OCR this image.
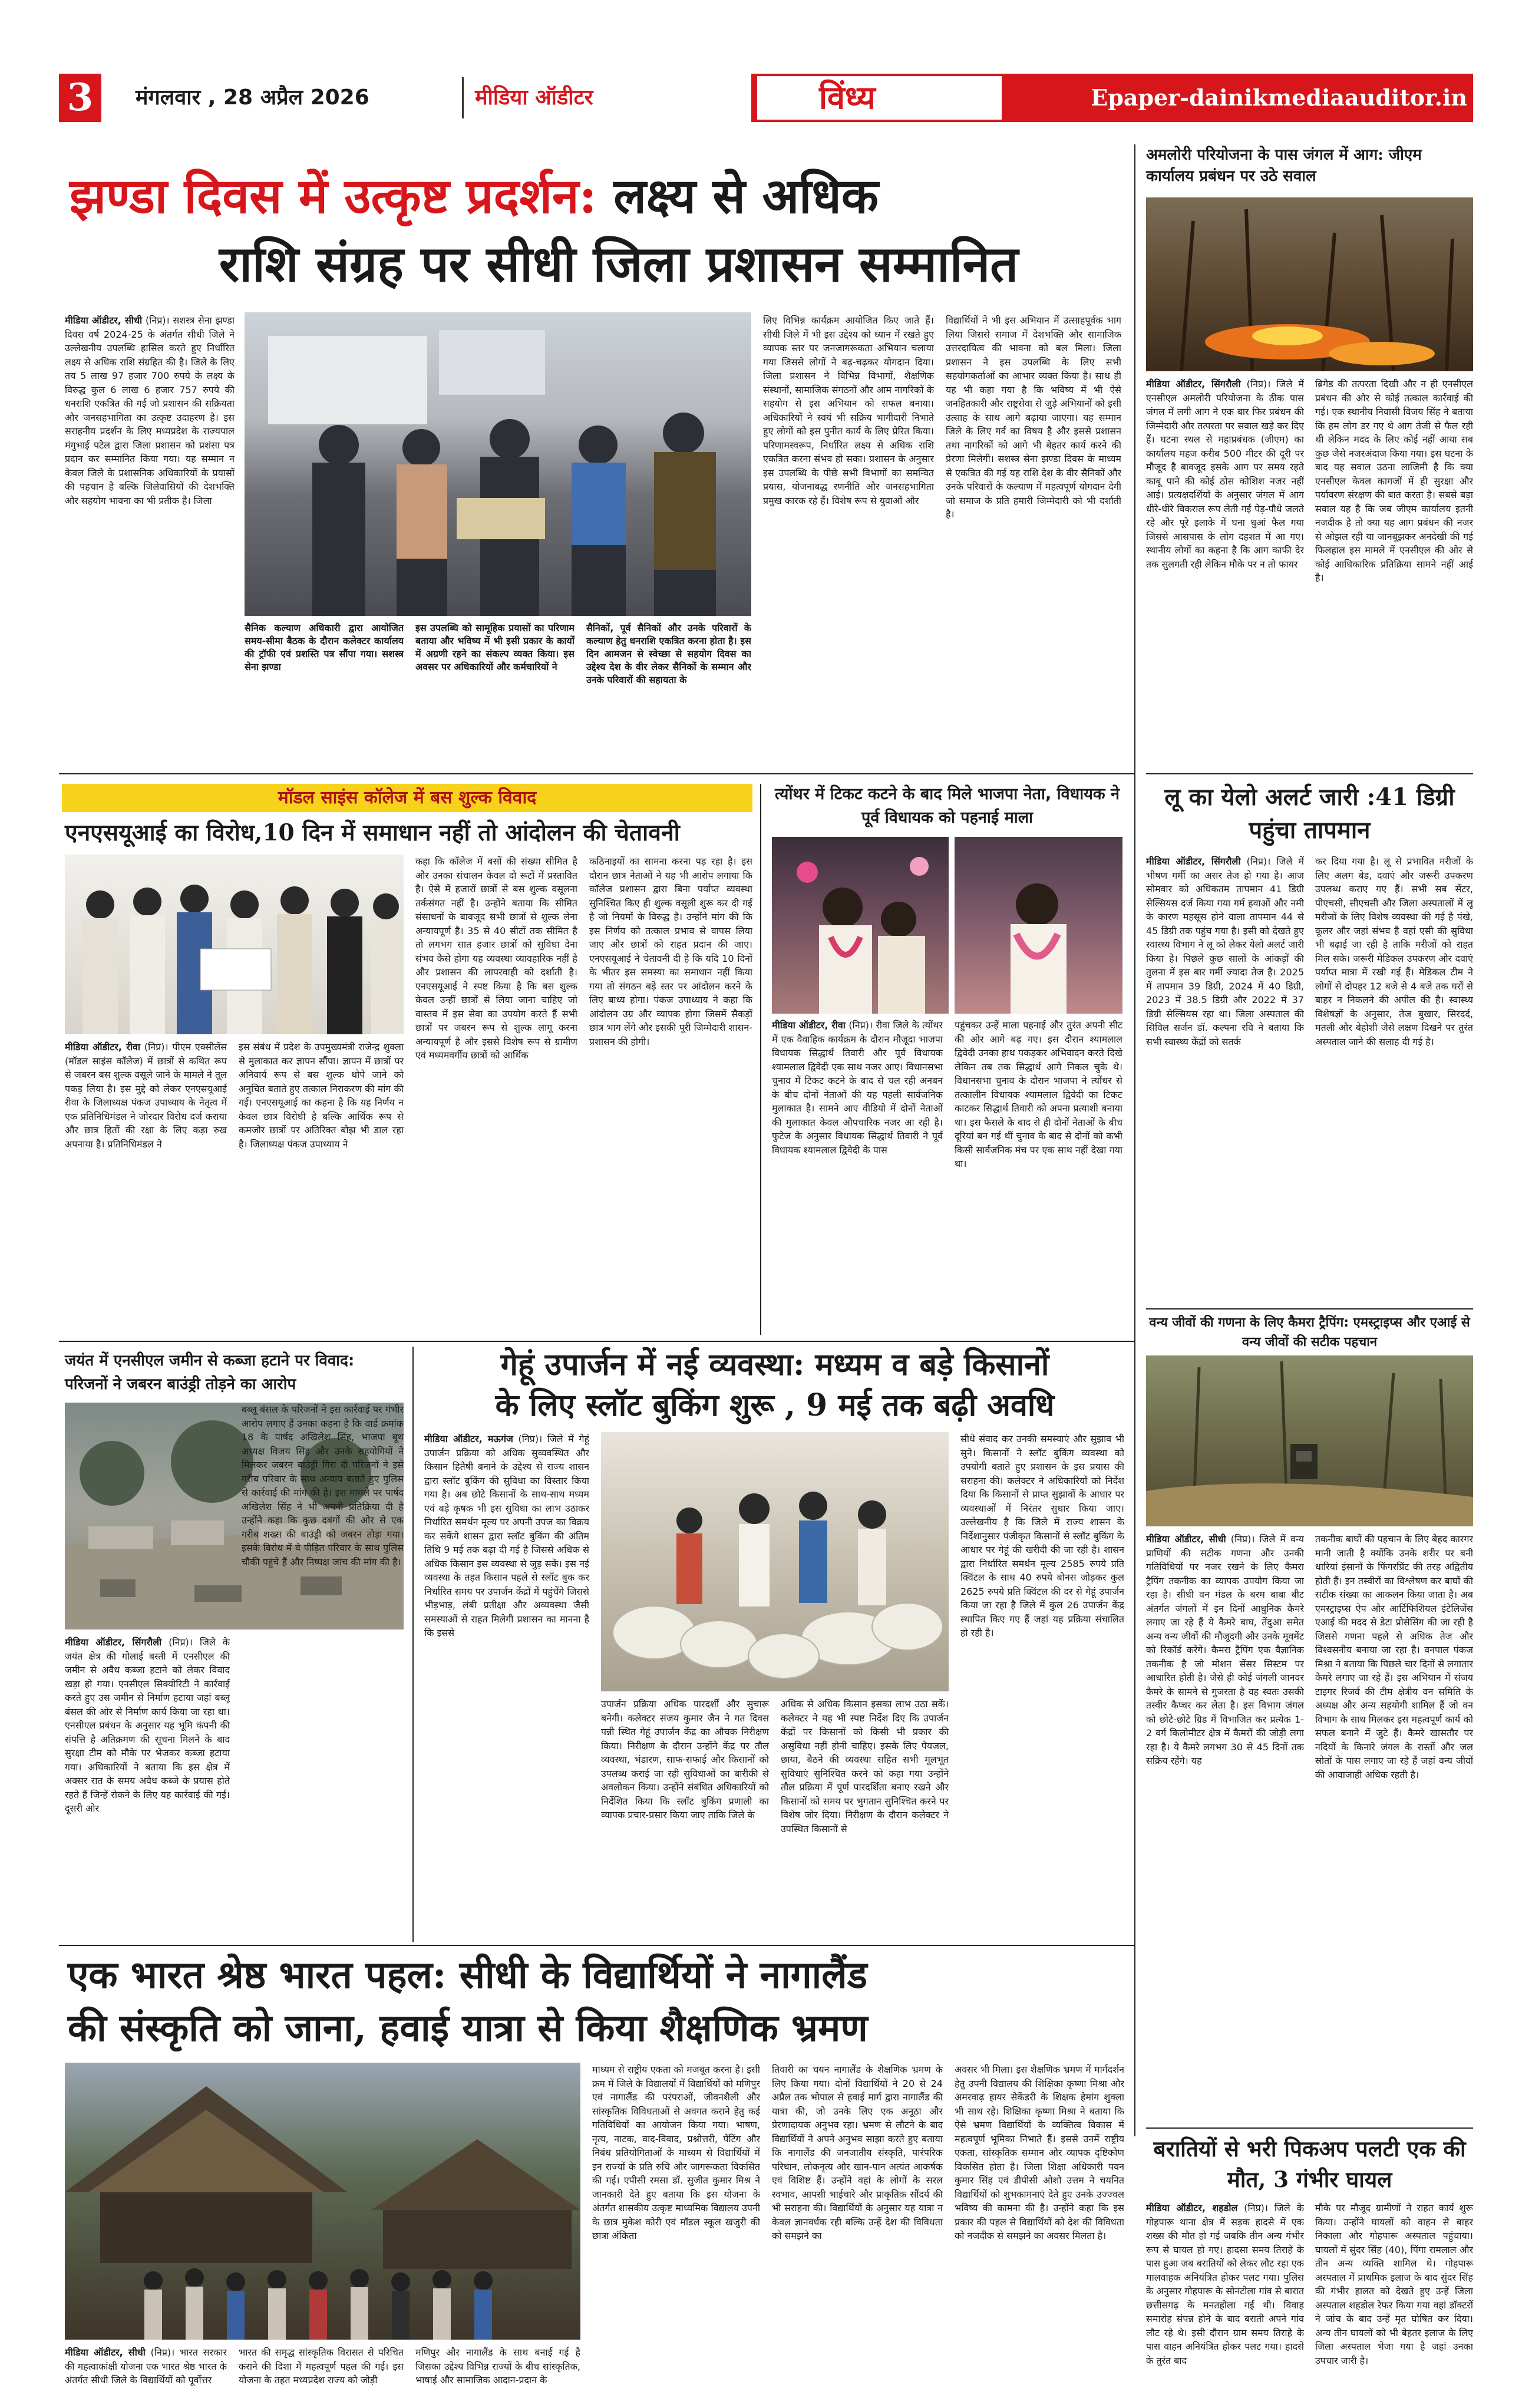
3	मंगलवार , 28 अप्रैल 2026	मीडिया ऑडीटर	विंध्य	Epaper-dainikmediaauditor.in
झण्डा दिवस में उत्कृष्ट प्रदर्शन: लक्ष्य से अधिक
राशि संग्रह पर सीधी जिला प्रशासन सम्मानित
मीडिया ऑडीटर, सीधी (निप्र)। सशस्त्र सेना झण्डा दिवस वर्ष 2024-25 के अंतर्गत सीधी जिले ने उल्लेखनीय उपलब्धि हासिल करते हुए निर्धारित लक्ष्य से अधिक राशि संग्रहित की है। जिले के लिए तय 5 लाख 97 हजार 700 रुपये के लक्ष्य के विरुद्ध कुल 6 लाख 6 हजार 757 रुपये की धनराशि एकत्रित की गई जो प्रशासन की सक्रियता और जनसहभागिता का उत्कृष्ट उदाहरण है। इस सराहनीय प्रदर्शन के लिए मध्यप्रदेश के राज्यपाल मंगुभाई पटेल द्वारा जिला प्रशासन को प्रशंसा पत्र प्रदान कर सम्मानित किया गया। यह सम्मान न केवल जिले के प्रशासनिक अधिकारियों के प्रयासों की पहचान है बल्कि जिलेवासियों की देशभक्ति और सहयोग भावना का भी प्रतीक है। जिला
सैनिक कल्याण अधिकारी द्वारा आयोजित समय-सीमा बैठक के दौरान कलेक्टर कार्यालय की ट्रॉफी एवं प्रशस्ति पत्र सौंपा गया। सशस्त्र सेना झण्डा
इस उपलब्धि को सामूहिक प्रयासों का परिणाम बताया और भविष्य में भी इसी प्रकार के कार्यों में अग्रणी रहने का संकल्प व्यक्त किया। इस अवसर पर अधिकारियों और कर्मचारियों ने
सैनिकों, पूर्व सैनिकों और उनके परिवारों के कल्याण हेतु धनराशि एकत्रित करना होता है। इस दिन आमजन से स्वेच्छा से सहयोग दिवस का उद्देश्य देश के वीर लेकर सैनिकों के सम्मान और उनके परिवारों की सहायता के
लिए विभिन्न कार्यक्रम आयोजित किए जाते हैं। सीधी जिले में भी इस उद्देश्य को ध्यान में रखते हुए व्यापक स्तर पर जनजागरूकता अभियान चलाया गया जिससे लोगों ने बढ़-चढ़कर योगदान दिया। जिला प्रशासन ने विभिन्न विभागों, शैक्षणिक संस्थानों, सामाजिक संगठनों और आम नागरिकों के सहयोग से इस अभियान को सफल बनाया। अधिकारियों ने स्वयं भी सक्रिय भागीदारी निभाते हुए लोगों को इस पुनीत कार्य के लिए प्रेरित किया। परिणामस्वरूप, निर्धारित लक्ष्य से अधिक राशि एकत्रित करना संभव हो सका। प्रशासन के अनुसार इस उपलब्धि के पीछे सभी विभागों का समन्वित प्रयास, योजनाबद्ध रणनीति और जनसहभागिता प्रमुख कारक रहे हैं। विशेष रूप से युवाओं और
विद्यार्थियों ने भी इस अभियान में उत्साहपूर्वक भाग लिया जिससे समाज में देशभक्ति और सामाजिक उत्तरदायित्व की भावना को बल मिला। जिला प्रशासन ने इस उपलब्धि के लिए सभी सहयोगकर्ताओं का आभार व्यक्त किया है। साथ ही यह भी कहा गया है कि भविष्य में भी ऐसे जनहितकारी और राष्ट्रसेवा से जुड़े अभियानों को इसी उत्साह के साथ आगे बढ़ाया जाएगा। यह सम्मान जिले के लिए गर्व का विषय है और इससे प्रशासन तथा नागरिकों को आगे भी बेहतर कार्य करने की प्रेरणा मिलेगी। सशस्त्र सेना झण्डा दिवस के माध्यम से एकत्रित की गई यह राशि देश के वीर सैनिकों और उनके परिवारों के कल्याण में महत्वपूर्ण योगदान देगी जो समाज के प्रति हमारी जिम्मेदारी को भी दर्शाती है।
अमलोरी परियोजना के पास जंगल में आग: जीएम कार्यालय प्रबंधन पर उठे सवाल
मीडिया ऑडीटर, सिंगरौली (निप्र)। जिले में एनसीएल अमलोरी परियोजना के ठीक पास जंगल में लगी आग ने एक बार फिर प्रबंधन की जिम्मेदारी और तत्परता पर सवाल खड़े कर दिए हैं। घटना स्थल से महाप्रबंधक (जीएम) का कार्यालय महज करीब 500 मीटर की दूरी पर मौजूद है बावजूद इसके आग पर समय रहते काबू पाने की कोई ठोस कोशिश नजर नहीं आई। प्रत्यक्षदर्शियों के अनुसार जंगल में आग धीरे-धीरे विकराल रूप लेती गई पेड़-पौधे जलते रहे और पूरे इलाके में घना धुआं फैल गया जिससे आसपास के लोग दहशत में आ गए। स्थानीय लोगों का कहना है कि आग काफी देर तक सुलगती रही लेकिन मौके पर न तो फायर
ब्रिगेड की तत्परता दिखी और न ही एनसीएल प्रबंधन की ओर से कोई तत्काल कार्रवाई की गई। एक स्थानीय निवासी विजय सिंह ने बताया कि हम लोग डर गए थे आग तेजी से फैल रही थी लेकिन मदद के लिए कोई नहीं आया सब कुछ जैसे नजरअंदाज किया गया। इस घटना के बाद यह सवाल उठना लाजिमी है कि क्या एनसीएल केवल कागजों में ही सुरक्षा और पर्यावरण संरक्षण की बात करता है। सबसे बड़ा सवाल यह है कि जब जीएम कार्यालय इतनी नजदीक है तो क्या यह आग प्रबंधन की नजर से ओझल रही या जानबूझकर अनदेखी की गई फिलहाल इस मामले में एनसीएल की ओर से कोई आधिकारिक प्रतिक्रिया सामने नहीं आई है।
मॉडल साइंस कॉलेज में बस शुल्क विवाद
एनएसयूआई का विरोध,10 दिन में समाधान नहीं तो आंदोलन की चेतावनी
मीडिया ऑडीटर, रीवा (निप्र)। पीएम एक्सीलेंस (मॉडल साइंस कॉलेज) में छात्रों से कथित रूप से जबरन बस शुल्क वसूले जाने के मामले ने तूल पकड़ लिया है। इस मुद्दे को लेकर एनएसयूआई रीवा के जिलाध्यक्ष पंकज उपाध्याय के नेतृत्व में एक प्रतिनिधिमंडल ने जोरदार विरोध दर्ज कराया और छात्र हितों की रक्षा के लिए कड़ा रुख अपनाया है। प्रतिनिधिमंडल ने
इस संबंध में प्रदेश के उपमुख्यमंत्री राजेन्द्र शुक्ला से मुलाकात कर ज्ञापन सौंपा। ज्ञापन में छात्रों पर अनिवार्य रूप से बस शुल्क थोपे जाने को अनुचित बताते हुए तत्काल निराकरण की मांग की गई। एनएसयूआई का कहना है कि यह निर्णय न केवल छात्र विरोधी है बल्कि आर्थिक रूप से कमजोर छात्रों पर अतिरिक्त बोझ भी डाल रहा है। जिलाध्यक्ष पंकज उपाध्याय ने
कहा कि कॉलेज में बसों की संख्या सीमित है और उनका संचालन केवल दो रूटों में प्रस्तावित है। ऐसे में हजारों छात्रों से बस शुल्क वसूलना तर्कसंगत नहीं है। उन्होंने बताया कि सीमित संसाधनों के बावजूद सभी छात्रों से शुल्क लेना अन्यायपूर्ण है। 35 से 40 सीटों तक सीमित है तो लगभग सात हजार छात्रों को सुविधा देना संभव कैसे होगा यह व्यवस्था व्यावहारिक नहीं है और प्रशासन की लापरवाही को दर्शाती है। एनएसयूआई ने स्पष्ट किया है कि बस शुल्क केवल उन्हीं छात्रों से लिया जाना चाहिए जो वास्तव में इस सेवा का उपयोग करते हैं सभी छात्रों पर जबरन रूप से शुल्क लागू करना अन्यायपूर्ण है और इससे विशेष रूप से ग्रामीण एवं मध्यमवर्गीय छात्रों को आर्थिक
कठिनाइयों का सामना करना पड़ रहा है। इस दौरान छात्र नेताओं ने यह भी आरोप लगाया कि कॉलेज प्रशासन द्वारा बिना पर्याप्त व्यवस्था सुनिश्चित किए ही शुल्क वसूली शुरू कर दी गई है जो नियमों के विरुद्ध है। उन्होंने मांग की कि इस निर्णय को तत्काल प्रभाव से वापस लिया जाए और छात्रों को राहत प्रदान की जाए। एनएसयूआई ने चेतावनी दी है कि यदि 10 दिनों के भीतर इस समस्या का समाधान नहीं किया गया तो संगठन बड़े स्तर पर आंदोलन करने के लिए बाध्य होगा। पंकज उपाध्याय ने कहा कि आंदोलन उग्र और व्यापक होगा जिसमें सैकड़ों छात्र भाग लेंगे और इसकी पूरी जिम्मेदारी शासन-प्रशासन की होगी।
त्योंथर में टिकट कटने के बाद मिले भाजपा नेता, विधायक ने पूर्व विधायक को पहनाई माला
मीडिया ऑडीटर, रीवा (निप्र)। रीवा जिले के त्योंथर में एक वैवाहिक कार्यक्रम के दौरान मौजूदा भाजपा विधायक सिद्धार्थ तिवारी और पूर्व विधायक श्यामलाल द्विवेदी एक साथ नजर आए। विधानसभा चुनाव में टिकट कटने के बाद से चल रही अनबन के बीच दोनों नेताओं की यह पहली सार्वजनिक मुलाकात है। सामने आए वीडियो में दोनों नेताओं की मुलाकात केवल औपचारिक नजर आ रही है। फुटेज के अनुसार विधायक सिद्धार्थ तिवारी ने पूर्व विधायक श्यामलाल द्विवेदी के पास
पहुंचकर उन्हें माला पहनाई और तुरंत अपनी सीट की ओर आगे बढ़ गए। इस दौरान श्यामलाल द्विवेदी उनका हाथ पकड़कर अभिवादन करते दिखे लेकिन तब तक सिद्धार्थ आगे निकल चुके थे। विधानसभा चुनाव के दौरान भाजपा ने त्योंथर से तत्कालीन विधायक श्यामलाल द्विवेदी का टिकट काटकर सिद्धार्थ तिवारी को अपना प्रत्याशी बनाया था। इस फैसले के बाद से ही दोनों नेताओं के बीच दूरियां बन गई थीं चुनाव के बाद से दोनों को कभी किसी सार्वजनिक मंच पर एक साथ नहीं देखा गया था।
लू का येलो अलर्ट जारी :41 डिग्री पहुंचा तापमान
मीडिया ऑडीटर, सिंगरौली (निप्र)। जिले में भीषण गर्मी का असर तेज हो गया है। आज सोमवार को अधिकतम तापमान 41 डिग्री सेल्सियस दर्ज किया गया गर्म हवाओं और नमी के कारण महसूस होने वाला तापमान 44 से 45 डिग्री तक पहुंच गया है। इसी को देखते हुए स्वास्थ्य विभाग ने लू को लेकर येलो अलर्ट जारी किया है। पिछले कुछ सालों के आंकड़ों की तुलना में इस बार गर्मी ज्यादा तेज है। 2025 में तापमान 39 डिग्री, 2024 में 40 डिग्री, 2023 में 38.5 डिग्री और 2022 में 37 डिग्री सेल्सियस रहा था। जिला अस्पताल की सिविल सर्जन डॉ. कल्पना रवि ने बताया कि सभी स्वास्थ्य केंद्रों को सतर्क
कर दिया गया है। लू से प्रभावित मरीजों के लिए अलग बेड, दवाएं और जरूरी उपकरण उपलब्ध कराए गए हैं। सभी सब सेंटर, पीएचसी, सीएचसी और जिला अस्पतालों में लू मरीजों के लिए विशेष व्यवस्था की गई है पंखे, कूलर और जहां संभव है वहां एसी की सुविधा भी बढ़ाई जा रही है ताकि मरीजों को राहत मिल सके। जरूरी मेडिकल उपकरण और दवाएं पर्याप्त मात्रा में रखी गई हैं। मेडिकल टीम ने लोगों से दोपहर 12 बजे से 4 बजे तक घरों से बाहर न निकलने की अपील की है। स्वास्थ्य विशेषज्ञों के अनुसार, तेज बुखार, सिरदर्द, मतली और बेहोशी जैसे लक्षण दिखने पर तुरंत अस्पताल जाने की सलाह दी गई है।
जयंत में एनसीएल जमीन से कब्जा हटाने पर विवाद:
परिजनों ने जबरन बाउंड्री तोड़ने का आरोप
मीडिया ऑडीटर, सिंगरौली (निप्र)। जिले के जयंत क्षेत्र की गोलाई बस्ती में एनसीएल की जमीन से अवैध कब्जा हटाने को लेकर विवाद खड़ा हो गया। एनसीएल सिक्योरिटी ने कार्रवाई करते हुए उस जमीन से निर्माण हटाया जहां बब्लू बंसल की ओर से निर्माण कार्य किया जा रहा था। एनसीएल प्रबंधन के अनुसार यह भूमि कंपनी की संपत्ति है अतिक्रमण की सूचना मिलने के बाद सुरक्षा टीम को मौके पर भेजकर कब्जा हटाया गया। अधिकारियों ने बताया कि इस क्षेत्र में अक्सर रात के समय अवैध कब्जे के प्रयास होते रहते हैं जिन्हें रोकने के लिए यह कार्रवाई की गई। दूसरी ओर
बब्लू बंसल के परिजनों ने इस कार्रवाई पर गंभीर आरोप लगाए हैं उनका कहना है कि वार्ड क्रमांक 18 के पार्षद अखिलेश सिंह, भाजपा बूथ अध्यक्ष विजय सिंह और उनके सहयोगियों ने मिलकर जबरन बाउंड्री गिरा दी परिजनों ने इसे गरीब परिवार के साथ अन्याय बताते हुए पुलिस से कार्रवाई की मांग की है। इस मामले पर पार्षद अखिलेश सिंह ने भी अपनी प्रतिक्रिया दी है उन्होंने कहा कि कुछ दबंगों की ओर से एक गरीब शख्स की बाउंड्री को जबरन तोड़ा गया। इसके विरोध में वे पीड़ित परिवार के साथ पुलिस चौकी पहुंचे हैं और निष्पक्ष जांच की मांग की है।
गेहूं उपार्जन में नई व्यवस्था: मध्यम व बड़े किसानों
के लिए स्लॉट बुकिंग शुरू , 9 मई तक बढ़ी अवधि
मीडिया ऑडीटर, मऊगंज (निप्र)। जिले में गेहूं उपार्जन प्रक्रिया को अधिक सुव्यवस्थित और किसान हितैषी बनाने के उद्देश्य से राज्य शासन द्वारा स्लॉट बुकिंग की सुविधा का विस्तार किया गया है। अब छोटे किसानों के साथ-साथ मध्यम एवं बड़े कृषक भी इस सुविधा का लाभ उठाकर निर्धारित समर्थन मूल्य पर अपनी उपज का विक्रय कर सकेंगे शासन द्वारा स्लॉट बुकिंग की अंतिम तिथि 9 मई तक बढ़ा दी गई है जिससे अधिक से अधिक किसान इस व्यवस्था से जुड़ सकें। इस नई व्यवस्था के तहत किसान पहले से स्लॉट बुक कर निर्धारित समय पर उपार्जन केंद्रों में पहुंचेंगे जिससे भीड़भाड़, लंबी प्रतीक्षा और अव्यवस्था जैसी समस्याओं से राहत मिलेगी प्रशासन का मानना है कि इससे
उपार्जन प्रक्रिया अधिक पारदर्शी और सुचारू बनेगी। कलेक्टर संजय कुमार जैन ने गत दिवस पन्नी स्थित गेहूं उपार्जन केंद्र का औचक निरीक्षण किया। निरीक्षण के दौरान उन्होंने केंद्र पर तौल व्यवस्था, भंडारण, साफ-सफाई और किसानों को उपलब्ध कराई जा रही सुविधाओं का बारीकी से अवलोकन किया। उन्होंने संबंधित अधिकारियों को निर्देशित किया कि स्लॉट बुकिंग प्रणाली का व्यापक प्रचार-प्रसार किया जाए ताकि जिले के
अधिक से अधिक किसान इसका लाभ उठा सकें। कलेक्टर ने यह भी स्पष्ट निर्देश दिए कि उपार्जन केंद्रों पर किसानों को किसी भी प्रकार की असुविधा नहीं होनी चाहिए। इसके लिए पेयजल, छाया, बैठने की व्यवस्था सहित सभी मूलभूत सुविधाएं सुनिश्चित करने को कहा गया उन्होंने तौल प्रक्रिया में पूर्ण पारदर्शिता बनाए रखने और किसानों को समय पर भुगतान सुनिश्चित करने पर विशेष जोर दिया। निरीक्षण के दौरान कलेक्टर ने उपस्थित किसानों से
सीधे संवाद कर उनकी समस्याएं और सुझाव भी सुने। किसानों ने स्लॉट बुकिंग व्यवस्था को उपयोगी बताते हुए प्रशासन के इस प्रयास की सराहना की। कलेक्टर ने अधिकारियों को निर्देश दिया कि किसानों से प्राप्त सुझावों के आधार पर व्यवस्थाओं में निरंतर सुधार किया जाए। उल्लेखनीय है कि जिले में राज्य शासन के निर्देशानुसार पंजीकृत किसानों से स्लॉट बुकिंग के आधार पर गेहूं की खरीदी की जा रही है। शासन द्वारा निर्धारित समर्थन मूल्य 2585 रुपये प्रति क्विंटल के साथ 40 रुपये बोनस जोड़कर कुल 2625 रुपये प्रति क्विंटल की दर से गेहूं उपार्जन किया जा रहा है जिले में कुल 26 उपार्जन केंद्र स्थापित किए गए हैं जहां यह प्रक्रिया संचालित हो रही है।
वन्य जीवों की गणना के लिए कैमरा ट्रैपिंग: एमस्ट्राइप्स और एआई से वन्य जीवों की सटीक पहचान
मीडिया ऑडीटर, सीधी (निप्र)। जिले में वन्य प्राणियों की सटीक गणना और उनकी गतिविधियों पर नजर रखने के लिए कैमरा ट्रैपिंग तकनीक का व्यापक उपयोग किया जा रहा है। सीधी वन मंडल के बरम बाबा बीट अंतर्गत जंगलों में इन दिनों आधुनिक कैमरे लगाए जा रहे हैं ये कैमरे बाघ, तेंदुआ समेत अन्य वन्य जीवों की मौजूदगी और उनके मूवमेंट को रिकॉर्ड करेंगे। कैमरा ट्रैपिंग एक वैज्ञानिक तकनीक है जो मोशन सेंसर सिस्टम पर आधारित होती है। जैसे ही कोई जंगली जानवर कैमरे के सामने से गुजरता है वह स्वतः उसकी तस्वीर कैप्चर कर लेता है। इस विभाग जंगल को छोटे-छोटे ग्रिड में विभाजित कर प्रत्येक 1-2 वर्ग किलोमीटर क्षेत्र में कैमरों की जोड़ी लगा रहा है। ये कैमरे लगभग 30 से 45 दिनों तक सक्रिय रहेंगे। यह
तकनीक बाघों की पहचान के लिए बेहद कारगर मानी जाती है क्योंकि उनके शरीर पर बनी धारियां इंसानों के फिंगरप्रिंट की तरह अद्वितीय होती हैं। इन तस्वीरों का विश्लेषण कर बाघों की सटीक संख्या का आकलन किया जाता है। अब एमस्ट्राइप्स ऐप और आर्टिफिशियल इंटेलिजेंस एआई की मदद से डेटा प्रोसेसिंग की जा रही है जिससे गणना पहले से अधिक तेज और विश्वसनीय बनाया जा रहा है। वनपाल पंकज मिश्रा ने बताया कि पिछले चार दिनों से लगातार कैमरे लगाए जा रहे हैं। इस अभियान में संजय टाइगर रिजर्व की टीम क्षेत्रीय वन समिति के अध्यक्ष और अन्य सहयोगी शामिल हैं जो वन विभाग के साथ मिलकर इस महत्वपूर्ण कार्य को सफल बनाने में जुटे हैं। कैमरे खासतौर पर नदियों के किनारे जंगल के रास्तों और जल स्रोतों के पास लगाए जा रहे हैं जहां वन्य जीवों की आवाजाही अधिक रहती है।
एक भारत श्रेष्ठ भारत पहल: सीधी के विद्यार्थियों ने नागालैंड
की संस्कृति को जाना, हवाई यात्रा से किया शैक्षणिक भ्रमण
मीडिया ऑडीटर, सीधी (निप्र)। भारत सरकार की महत्वाकांक्षी योजना एक भारत श्रेष्ठ भारत के अंतर्गत सीधी जिले के विद्यार्थियों को पूर्वोत्तर
भारत की समृद्ध सांस्कृतिक विरासत से परिचित कराने की दिशा में महत्वपूर्ण पहल की गई। इस योजना के तहत मध्यप्रदेश राज्य को जोड़ी
मणिपुर और नागालैंड के साथ बनाई गई है जिसका उद्देश्य विभिन्न राज्यों के बीच सांस्कृतिक, भाषाई और सामाजिक आदान-प्रदान के
माध्यम से राष्ट्रीय एकता को मजबूत करना है। इसी क्रम में जिले के विद्यालयों में विद्यार्थियों को मणिपुर एवं नागालैंड की परंपराओं, जीवनशैली और सांस्कृतिक विविधताओं से अवगत कराने हेतु कई गतिविधियों का आयोजन किया गया। भाषण, नृत्य, नाटक, वाद-विवाद, प्रश्नोत्तरी, पेंटिंग और निबंध प्रतियोगिताओं के माध्यम से विद्यार्थियों में इन राज्यों के प्रति रुचि और जागरूकता विकसित की गई। एपीसी रमसा डॉ. सुजीत कुमार मिश्र ने जानकारी देते हुए बताया कि इस योजना के अंतर्गत शासकीय उत्कृष्ट माध्यमिक विद्यालय उपनी के छात्र मुकेश कोरी एवं मॉडल स्कूल खजुरी की छात्रा अंकिता
तिवारी का चयन नागालैंड के शैक्षणिक भ्रमण के लिए किया गया। दोनों विद्यार्थियों ने 20 से 24 अप्रैल तक भोपाल से हवाई मार्ग द्वारा नागालैंड की यात्रा की, जो उनके लिए एक अनूठा और प्रेरणादायक अनुभव रहा। भ्रमण से लौटने के बाद विद्यार्थियों ने अपने अनुभव साझा करते हुए बताया कि नागालैंड की जनजातीय संस्कृति, पारंपरिक परिधान, लोकनृत्य और खान-पान अत्यंत आकर्षक एवं विशिष्ट हैं। उन्होंने वहां के लोगों के सरल स्वभाव, आपसी भाईचारे और प्राकृतिक सौंदर्य की भी सराहना की। विद्यार्थियों के अनुसार यह यात्रा न केवल ज्ञानवर्धक रही बल्कि उन्हें देश की विविधता को समझने का
अवसर भी मिला। इस शैक्षणिक भ्रमण में मार्गदर्शन हेतु उपनी विद्यालय की शिक्षिका कृष्णा मिश्रा और अमरवाढ़ हायर सेकेंडरी के शिक्षक हेमांग शुक्ला भी साथ रहे। शिक्षिका कृष्णा मिश्रा ने बताया कि ऐसे भ्रमण विद्यार्थियों के व्यक्तित्व विकास में महत्वपूर्ण भूमिका निभाते हैं। इससे उनमें राष्ट्रीय एकता, सांस्कृतिक सम्मान और व्यापक दृष्टिकोण विकसित होता है। जिला शिक्षा अधिकारी पवन कुमार सिंह एवं डीपीसी ओशो उत्तम ने चयनित विद्यार्थियों को शुभकामनाएं देते हुए उनके उज्ज्वल भविष्य की कामना की है। उन्होंने कहा कि इस प्रकार की पहल से विद्यार्थियों को देश की विविधता को नजदीक से समझने का अवसर मिलता है।
बरातियों से भरी पिकअप पलटी एक की मौत, 3 गंभीर घायल
मीडिया ऑडीटर, शहडोल (निप्र)। जिले के गोहपारू थाना क्षेत्र में सड़क हादसे में एक शख्स की मौत हो गई जबकि तीन अन्य गंभीर रूप से घायल हो गए। हादसा समय तिराहे के पास हुआ जब बरातियों को लेकर लौट रहा एक मालवाहक अनियंत्रित होकर पलट गया। पुलिस के अनुसार गोहपारू के सोनटोला गांव से बारात छत्तीसगढ़ के मनतहोला गई थी। विवाह समारोह संपन्न होने के बाद बराती अपने गांव लौट रहे थे। इसी दौरान ग्राम समय तिराहे के पास वाहन अनियंत्रित होकर पलट गया। हादसे के तुरंत बाद
मौके पर मौजूद ग्रामीणों ने राहत कार्य शुरू किया। उन्होंने घायलों को वाहन से बाहर निकाला और गोहपारू अस्पताल पहुंचाया। घायलों में सुंदर सिंह (40), पिंगा रामलाल और तीन अन्य व्यक्ति शामिल थे। गोहपारू अस्पताल में प्राथमिक इलाज के बाद सुंदर सिंह की गंभीर हालत को देखते हुए उन्हें जिला अस्पताल शहडोल रेफर किया गया वहां डॉक्टरों ने जांच के बाद उन्हें मृत घोषित कर दिया। अन्य तीन घायलों को भी बेहतर इलाज के लिए जिला अस्पताल भेजा गया है जहां उनका उपचार जारी है।
